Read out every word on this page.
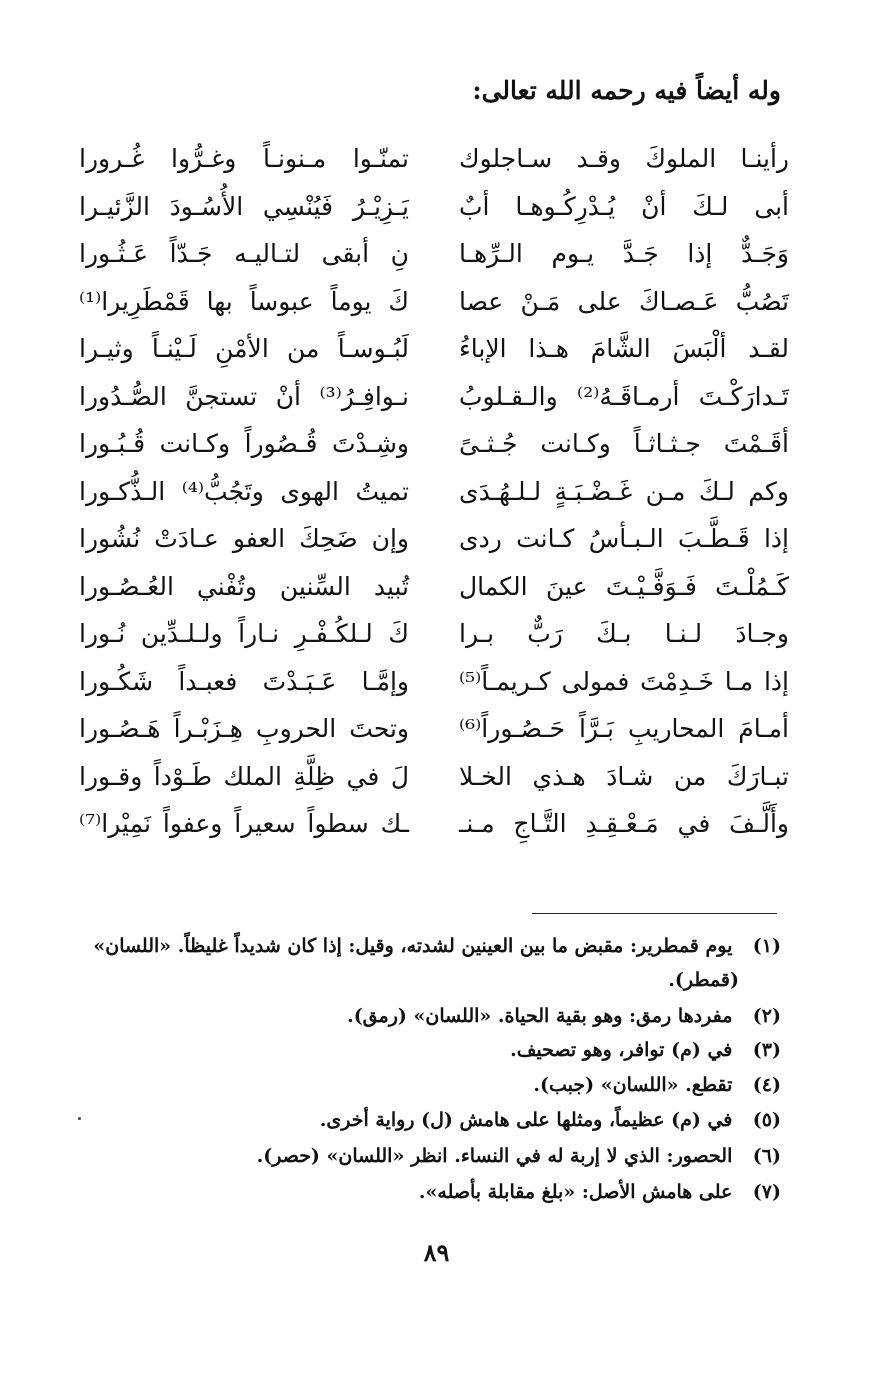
وله أيضاً فيه رحمه الله تعالى:
رأينـا الملوكَ وقـد سـاجلوك
تمنّـوا مـنونـاً وغـرُّوا غُـرورا
أبى لـكَ أنْ يُـدْرِكُـوهـا أبٌ
يَـزِيْـرُ فَيُنْسِي الأُسُـودَ الزَّئيـرا
وَجَـدٌّ إذا جَـدَّ يـوم الـرِّهـا
نِ أبقى لتـاليـه جَـدّاً عَـثُـورا
تَصُبُّ عَـصـاكَ على مَـنْ عصا
كَ يوماً عبوساً بها قَمْطَرِيرا⁽¹⁾
لقـد ألْبَسَ الشَّامَ هـذا الإباءُ
لَبُـوسـاً من الأمْنِ لَـيْنـاً وثيـرا
تَـدارَكْـتَ أرمـاقَـهُ⁽²⁾ والـقـلوبُ
نـوافِـرُ⁽³⁾ أنْ تستجنَّ الصُّـدُورا
أقَـمْتَ جـثـاثـاً وكـانت جُـثـىً
وشِـدْتَ قُـصُوراً وكـانت قُـبُـورا
وكم لـكَ مـن غَـضْـبَـةٍ لـلـهُـدَى
تميتُ الهوى وتَجُبُّ⁽⁴⁾ الـذُّكـورا
إذا قَـطَّـبَ الـبـأسُ كـانت ردى
وإن ضَحِكَ العفو عـادَتْ نُشُورا
كَـمُلْـتَ فَـوَفَّـيْـتَ عينَ الكمال
تُبيد السِّنين وتُفْني العُـصُـورا
وجـادَ لـنـا بـكَ رَبٌّ بـرا
كَ لـلكُـفْـرِ نـاراً ولـلـدِّين نُـورا
إذا مـا خَـدِمْتَ فمولى كـريمـاً⁽⁵⁾
وإمَّـا عَـبَـدْتَ فعبـداً شَكُـورا
أمـامَ المحاريبِ بَـرَّاً حَـصُـوراً⁽⁶⁾
وتحتَ الحروبِ هِـزَبْـراً هَـصُـورا
تبـارَكَ من شـادَ هـذي الخـلا
لَ في ظِلَّةِ الملك طَـوْداً وقـورا
وأَلَّـفَ في مَـعْـقِـدِ التَّـاجِ مـنـ
ـك سطواً سعيراً وعفواً نَمِيْرا⁽⁷⁾
(١) يوم قمطرير: مقبض ما بين العينين لشدته، وقيل: إذا كان شديداً غليظاً. «اللسان»
(قمطر).
(٢) مفردها رمق: وهو بقية الحياة. «اللسان» (رمق).
(٣) في (م) توافر، وهو تصحيف.
(٤) تقطع. «اللسان» (جبب).
(٥) في (م) عظيماً، ومثلها على هامش (ل) رواية أخرى.
(٦) الحصور: الذي لا إربة له في النساء. انظر «اللسان» (حصر).
(٧) على هامش الأصل: «بلغ مقابلة بأصله».
٨٩
